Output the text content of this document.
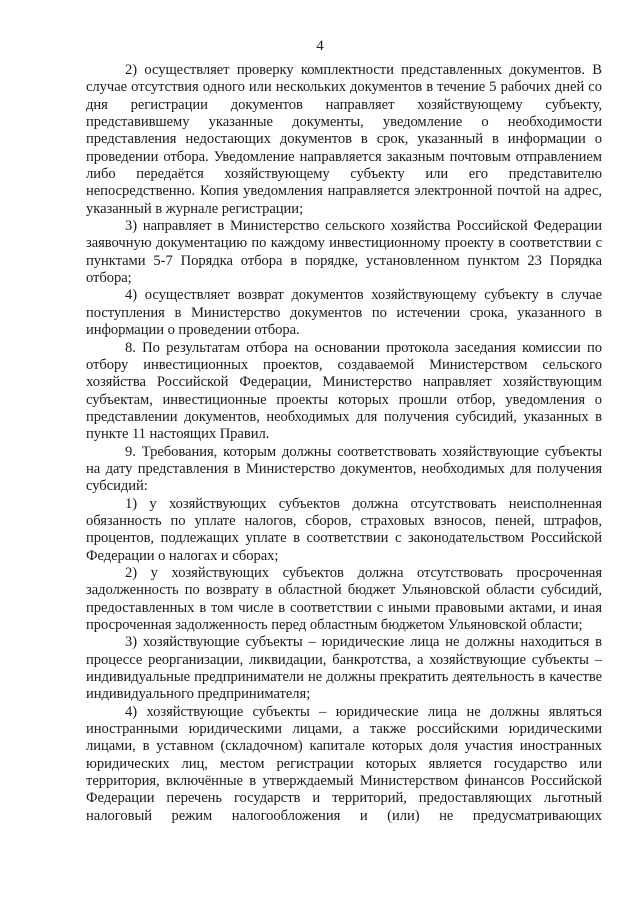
4

2) осуществляет проверку комплектности представленных документов. В случае отсутствия одного или нескольких документов в течение 5 рабочих дней со дня регистрации документов направляет хозяйствующему субъекту, представившему указанные документы, уведомление о необходимости представления недостающих документов в срок, указанный в информации о проведении отбора. Уведомление направляется заказным почтовым отправлением либо передаётся хозяйствующему субъекту или его представителю непосредственно. Копия уведомления направляется электронной почтой на адрес, указанный в журнале регистрации;

3) направляет в Министерство сельского хозяйства Российской Федерации заявочную документацию по каждому инвестиционному проекту в соответствии с пунктами 5-7 Порядка отбора в порядке, установленном пунктом 23 Порядка отбора;

4) осуществляет возврат документов хозяйствующему субъекту в случае поступления в Министерство документов по истечении срока, указанного в информации о проведении отбора.

8. По результатам отбора на основании протокола заседания комиссии по отбору инвестиционных проектов, создаваемой Министерством сельского хозяйства Российской Федерации, Министерство направляет хозяйствующим субъектам, инвестиционные проекты которых прошли отбор, уведомления о представлении документов, необходимых для получения субсидий, указанных в пункте 11 настоящих Правил.

9. Требования, которым должны соответствовать хозяйствующие субъекты на дату представления в Министерство документов, необходимых для получения субсидий:

1) у хозяйствующих субъектов должна отсутствовать неисполненная обязанность по уплате налогов, сборов, страховых взносов, пеней, штрафов, процентов, подлежащих уплате в соответствии с законодательством Российской Федерации о налогах и сборах;

2) у хозяйствующих субъектов должна отсутствовать просроченная задолженность по возврату в областной бюджет Ульяновской области субсидий, предоставленных в том числе в соответствии с иными правовыми актами, и иная просроченная задолженность перед областным бюджетом Ульяновской области;

3) хозяйствующие субъекты – юридические лица не должны находиться в процессе реорганизации, ликвидации, банкротства, а хозяйствующие субъекты – индивидуальные предприниматели не должны прекратить деятельность в качестве индивидуального предпринимателя;

4) хозяйствующие субъекты – юридические лица не должны являться иностранными юридическими лицами, а также российскими юридическими лицами, в уставном (складочном) капитале которых доля участия иностранных юридических лиц, местом регистрации которых является государство или территория, включённые в утверждаемый Министерством финансов Российской Федерации перечень государств и территорий, предоставляющих льготный налоговый режим налогообложения и (или) не предусматривающих
